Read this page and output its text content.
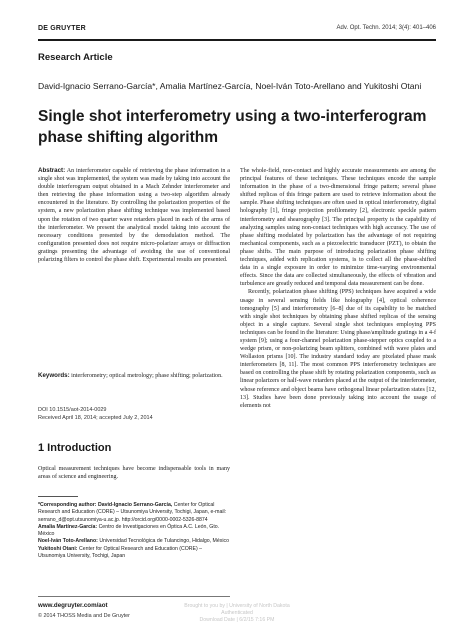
DE GRUYTER	Adv. Opt. Techn. 2014; 3(4): 401–406
Research Article
David-Ignacio Serrano-García*, Amalia Martínez-García, Noel-Iván Toto-Arellano and Yukitoshi Otani
Single shot interferometry using a two-interferogram phase shifting algorithm
Abstract: An interferometer capable of retrieving the phase information in a single shot was implemented, the system was made by taking into account the double interferogram output obtained in a Mach Zehnder interferometer and then retrieving the phase information using a two-step algorithm already encountered in the literature. By controlling the polarization properties of the system, a new polarization phase shifting technique was implemented based upon the rotation of two quarter wave retarders placed in each of the arms of the interferometer. We present the analytical model taking into account the necessary conditions presented by the demodulation method. The configuration presented does not require micro-polarizer arrays or diffraction gratings presenting the advantage of avoiding the use of conventional polarizing filters to control the phase shift. Experimental results are presented.
Keywords: interferometry; optical metrology; phase shifting; polarization.
DOI 10.1515/aot-2014-0029
Received April 18, 2014; accepted July 2, 2014
1 Introduction
Optical measurement techniques have become indispensable tools in many areas of science and engineering.
*Corresponding author: David-Ignacio Serrano-García, Center for Optical Research and Education (CORE) – Utsunomiya University, Tochigi, Japan, e-mail: serrano_d@opt.utsunomiya-u.ac.jp. http://orcid.org/0000-0002-5326-8874
Amalia Martínez-García: Centro de Investigaciones en Óptica A.C. León, Gto. México
Noel-Iván Toto-Arellano: Universidad Tecnológica de Tulancingo, Hidalgo, México
Yukitoshi Otani: Center for Optical Research and Education (CORE) – Utsunomiya University, Tochigi, Japan
www.degruyter.com/aot
© 2014 THOSS Media and De Gruyter

The whole-field, non-contact and highly accurate measurements are among the principal features of these techniques. These techniques encode the sample information in the phase of a two-dimensional fringe pattern; several phase shifted replicas of this fringe pattern are used to retrieve information about the sample. Phase shifting techniques are often used in optical interferometry, digital holography [1], fringe projection profilometry [2], electronic speckle pattern interferometry and shearography [3]. The principal property is the capability of analyzing samples using non-contact techniques with high accuracy. The use of phase shifting modulated by polarization has the advantage of not requiring mechanical components, such as a piezoelectric transducer (PZT), to obtain the phase shifts. The main purpose of introducing polarization phase shifting techniques, added with replication systems, is to collect all the phase-shifted data in a single exposure in order to minimize time-varying environmental effects. Since the data are collected simultaneously, the effects of vibration and turbulence are greatly reduced and temporal data measurement can be done.

Recently, polarization phase shifting (PPS) techniques have acquired a wide usage in several sensing fields like holography [4], optical coherence tomography [5] and interferometry [6–8] due of its capability to be matched with single shot techniques by obtaining phase shifted replicas of the sensing object in a single capture. Several single shot techniques employing PPS techniques can be found in the literature: Using phase/amplitude gratings in a 4-f system [9]; using a four-channel polarization phase-stepper optics coupled to a wedge prism, or non-polarizing beam splitters, combined with wave plates and Wollaston prisms [10]. The industry standard today are pixelated phase mask interferometers [8, 11]. The most common PPS interferometry techniques are based on controlling the phase shift by rotating polarization components, such as linear polarizers or half-wave retarders placed at the output of the interferometer, whose reference and object beams have orthogonal linear polarization states [12, 13]. Studies have been done previously taking into account the usage of elements not

Brought to you by | University of North Dakota
Authenticated
Download Date | 6/2/15 7:16 PM
